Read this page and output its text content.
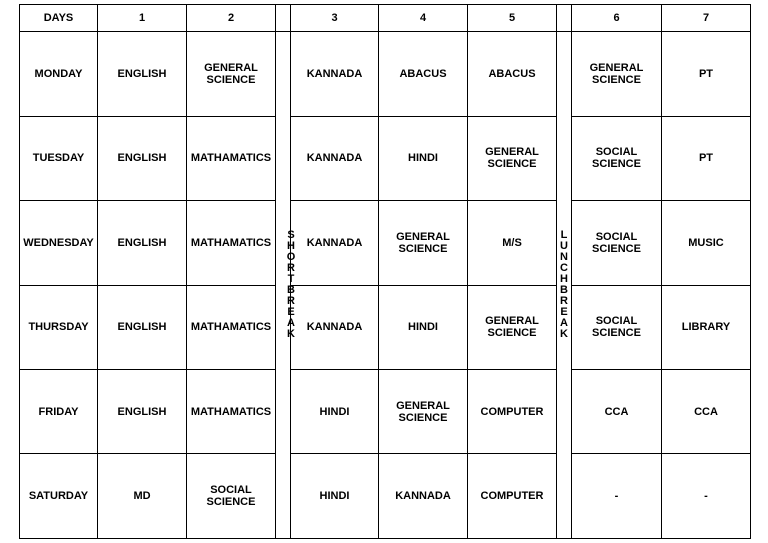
DAYS	1	2		3	4	5		6	7
MONDAY	ENGLISH	GENERAL SCIENCE	SHORTBREAK	KANNADA	ABACUS	ABACUS	LUNCHBREAK	GENERAL SCIENCE	PT
TUESDAY	ENGLISH	MATHAMATICS		KANNADA	HINDI	GENERAL SCIENCE		SOCIAL SCIENCE	PT
WEDNESDAY	ENGLISH	MATHAMATICS		KANNADA	GENERAL SCIENCE	M/S		SOCIAL SCIENCE	MUSIC
THURSDAY	ENGLISH	MATHAMATICS		KANNADA	HINDI	GENERAL SCIENCE		SOCIAL SCIENCE	LIBRARY
FRIDAY	ENGLISH	MATHAMATICS		HINDI	GENERAL SCIENCE	COMPUTER		CCA	CCA
SATURDAY	MD	SOCIAL SCIENCE		HINDI	KANNADA	COMPUTER		-	-
